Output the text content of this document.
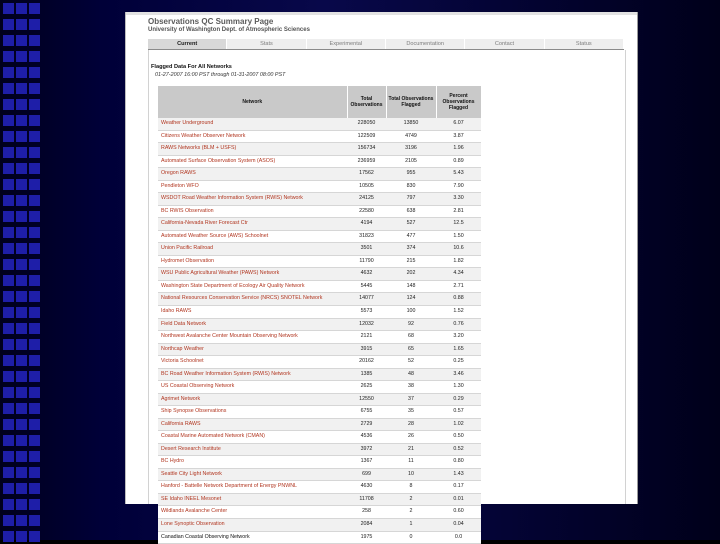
Observations QC Summary Page
University of Washington Dept. of Atmospheric Sciences
Current	Stats	Experimental	Documentation	Contact	Status
Flagged Data For All Networks
01-27-2007 16:00 PST through 01-31-2007 08:00 PST
Network	Total Observations	Total Observations Flagged	Percent Observations Flagged
Weather Underground	228050	13850	6.07
Citizens Weather Observer Network	122509	4749	3.87
RAWS Networks (BLM + USFS)	156734	3196	1.96
Automated Surface Observation System (ASOS)	236959	2105	0.89
Oregon RAWS	17562	955	5.43
Pendleton WFO	10505	830	7.90
WSDOT Road Weather Information System (RWIS) Network	24125	797	3.30
BC RWIS Observation	22580	638	2.81
California-Nevada River Forecast Ctr	4194	527	12.5
Automated Weather Source (AWS) Schoolnet	31823	477	1.50
Union Pacific Railroad	3501	374	10.6
Hydromet Observation	11790	215	1.82
WSU Public Agricultural Weather (PAWS) Network	4632	202	4.34
Washington State Department of Ecology Air Quality Network	5445	148	2.71
National Resources Conservation Service (NRCS) SNOTEL Network	14077	124	0.88
Idaho RAWS	5573	100	1.52
Field Data Network	12032	92	0.76
Northwest Avalanche Center Mountain Observing Network	2121	68	3.20
Northcap Weather	3915	65	1.65
Victoria Schoolnet	20162	52	0.25
BC Road Weather Information System (RWIS) Network	1385	48	3.46
US Coastal Observing Network	2625	38	1.30
Agrimet Network	12550	37	0.29
Ship Synopse Observations	6755	35	0.57
California RAWS	2729	28	1.02
Coastal Marine Automated Network (CMAN)	4536	26	0.50
Desert Research Institute	3972	21	0.52
BC Hydro	1367	11	0.80
Seattle City Light Network	699	10	1.43
Hanford - Battelle Network Department of Energy PNWNL	4630	8	0.17
SE Idaho INEEL Mesonet	11708	2	0.01
Wildlands Avalanche Center	258	2	0.60
Lone Synoptic Observation	2084	1	0.04
Canadian Coastal Observing Network	1975	0	0.0
